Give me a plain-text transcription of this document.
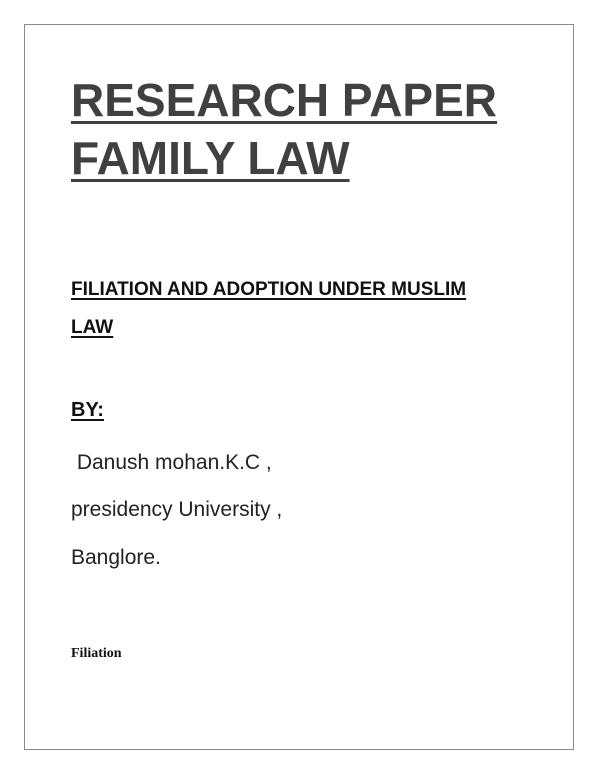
RESEARCH PAPER
FAMILY LAW

FILIATION AND ADOPTION UNDER MUSLIM

LAW

BY:

Danush mohan.K.C ,

presidency University ,

Banglore.

Filiation
